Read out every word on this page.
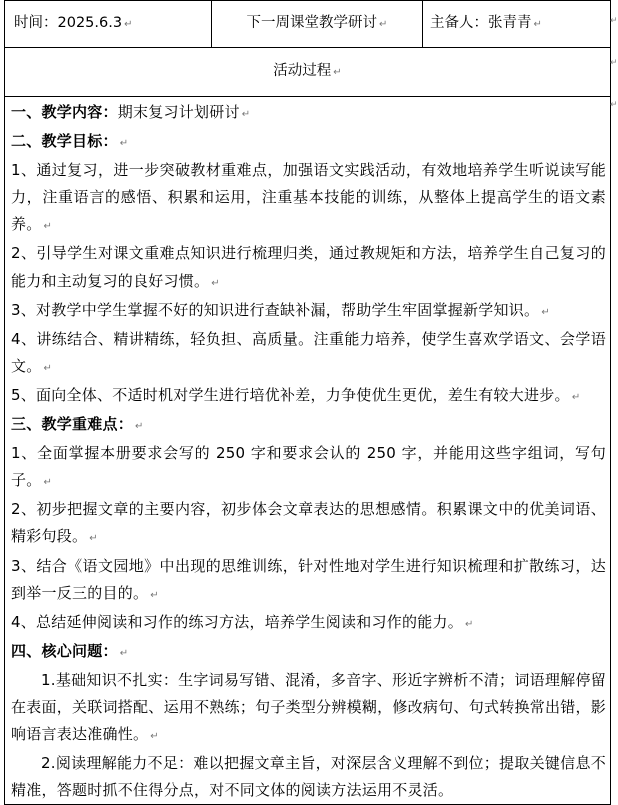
时间：2025.6.3 ↵	下一周课堂教学研讨 ↵	主备人：张青青 ↵
活动过程 ↵

一、教学内容：期末复习计划研讨 ↵

二、教学目标： ↵

1、通过复习，进一步突破教材重难点，加强语文实践活动，有效地培养学生听说读写能力，注重语言的感悟、积累和运用，注重基本技能的训练，从整体上提高学生的语文素养。 ↵

2、引导学生对课文重难点知识进行梳理归类，通过教规矩和方法，培养学生自己复习的能力和主动复习的良好习惯。 ↵

3、对教学中学生掌握不好的知识进行查缺补漏，帮助学生牢固掌握新学知识。 ↵

4、讲练结合、精讲精练，轻负担、高质量。注重能力培养，使学生喜欢学语文、会学语文。 ↵

5、面向全体、不适时机对学生进行培优补差，力争使优生更优，差生有较大进步。 ↵

三、教学重难点： ↵

1、全面掌握本册要求会写的 250 字和要求会认的 250 字，并能用这些字组词，写句子。 ↵

2、初步把握文章的主要内容，初步体会文章表达的思想感情。积累课文中的优美词语、精彩句段。 ↵

3、结合《语文园地》中出现的思维训练，针对性地对学生进行知识梳理和扩散练习，达到举一反三的目的。 ↵

4、总结延伸阅读和习作的练习方法，培养学生阅读和习作的能力。 ↵

四、核心问题： ↵

1.基础知识不扎实：生字词易写错、混淆，多音字、形近字辨析不清；词语理解停留在表面，关联词搭配、运用不熟练；句子类型分辨模糊，修改病句、句式转换常出错，影响语言表达准确性。 ↵

2.阅读理解能力不足：难以把握文章主旨，对深层含义理解不到位；提取关键信息不精准，答题时抓不住得分点，对不同文体的阅读方法运用不灵活。

↵
↵
↵
